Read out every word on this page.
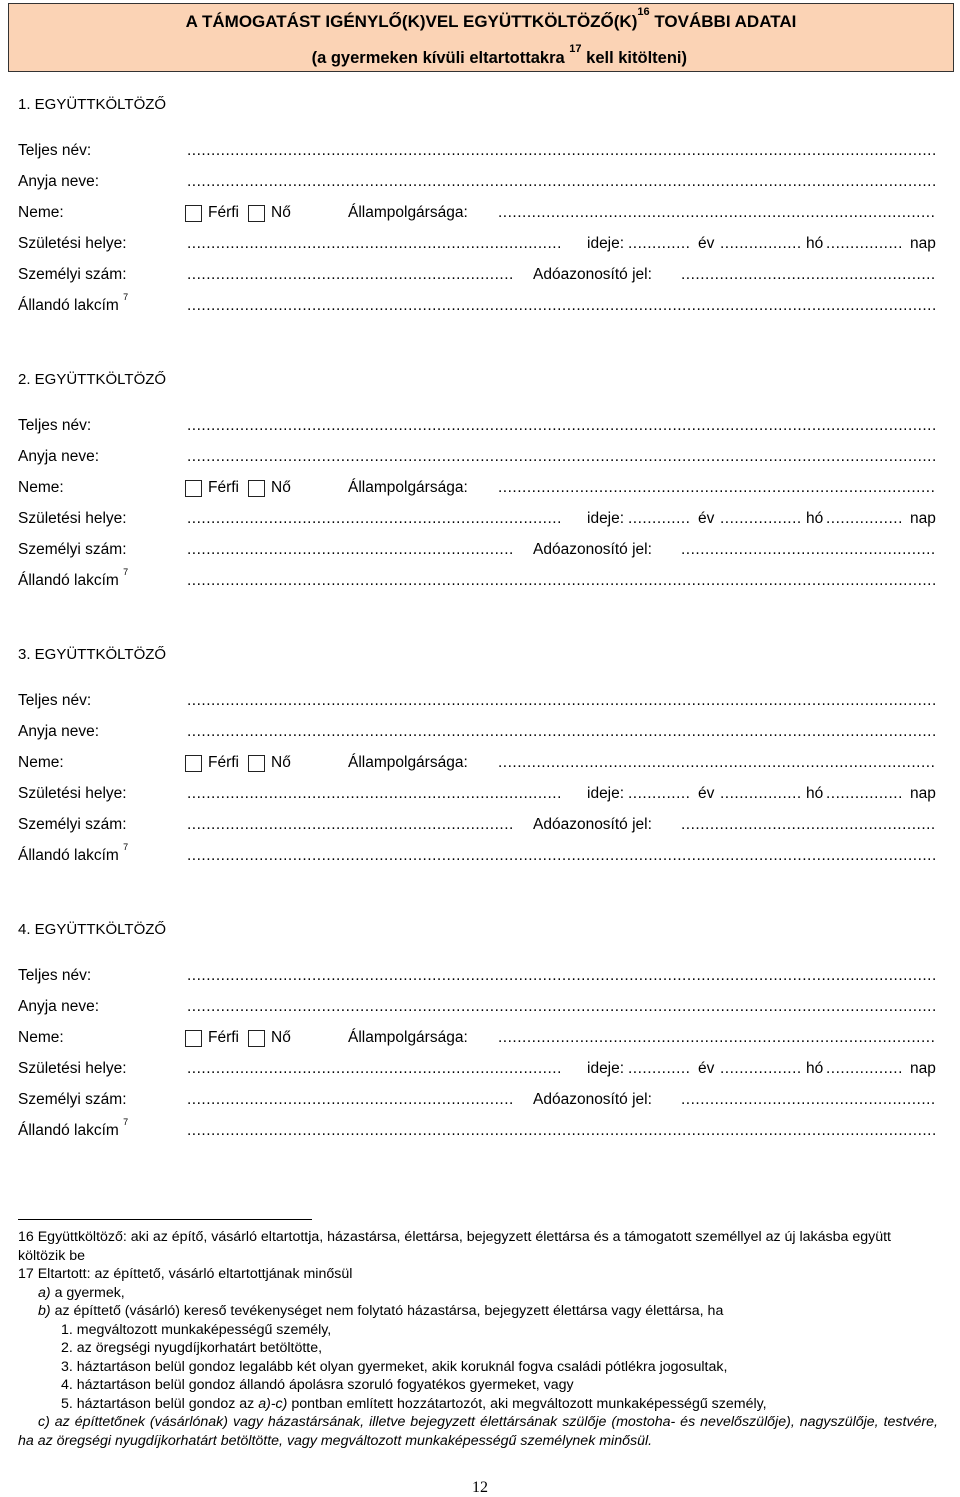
A TÁMOGATÁST IGÉNYLŐ(K)VEL $EGYÜTTKÖLTÖZŐ(K)^{16}$ TOVÁBBI ADATAI
(a gyermeken kívüli eltartottakra $^{17}$ kell kitölteni)
1. EGYÜTTKÖLTÖZŐ
Teljes név:
.....
Anyja neve:
.....
Neme:	Férfi Nő	Állampolgársága:
.....
Születési helye: .....	ideje: .....	év .....	hó .....	nap
Személyi szám: .....	Adóazonosító jel:
.....
Állandó lakcím $^7$
.....
2. EGYÜTTKÖLTÖZŐ
Teljes név:
.....
Anyja neve:
.....
Neme:	Férfi Nő	Állampolgársága:
.....
Születési helye: .....	ideje: .....	év .....	hó .....	nap
Személyi szám: .....	Adóazonosító jel:
.....
Állandó lakcím $^7$
.....
3. EGYÜTTKÖLTÖZŐ
Teljes név:
.....
Anyja neve:
.....
Neme:	Férfi Nő	Állampolgársága:
.....
Születési helye: .....	ideje: .....	év .....	hó .....	nap
Személyi szám: .....	Adóazonosító jel:
.....
Állandó lakcím $^7$
.....
4. EGYÜTTKÖLTÖZŐ
Teljes név:
.....
Anyja neve:
.....
Neme:	Férfi Nő	Állampolgársága:
.....
Születési helye: .....	ideje: .....	év .....	hó .....	nap
Személyi szám: .....	Adóazonosító jel:
.....
Állandó lakcím $^7$
.....
16 Együttköltöző: aki az építő, vásárló eltartottja, házastársa, élettársa, bejegyzett élettársa és a támogatott személlyel az új lakásba együtt költözik be
17 Eltartott: az építtető, vásárló eltartottjának minősül
a) a gyermek,
b) az építtető (vásárló) kereső tevékenységet nem folytató házastársa, bejegyzett élettársa vagy élettársa, ha
1. megváltozott munkaképességű személy,
2. az öregségi nyugdíjkorhatárt betöltötte,
3. háztartáson belül gondoz legalább két olyan gyermeket, akik koruknál fogva családi pótlékra jogosultak,
4. háztartáson belül gondoz állandó ápolásra szoruló fogyatékos gyermeket, vagy
5. háztartáson belül gondoz az a)-c) pontban említett hozzátartozót, aki megváltozott munkaképességű személy,
c) az építtetőnek (vásárlónak) vagy házastársának, illetve bejegyzett élettársának szülője (mostoha- és nevelőszülője), nagyszülője, testvére, ha az öregségi nyugdíjkorhatárt betöltötte, vagy megváltozott munkaképességű személynek minősül.
12
